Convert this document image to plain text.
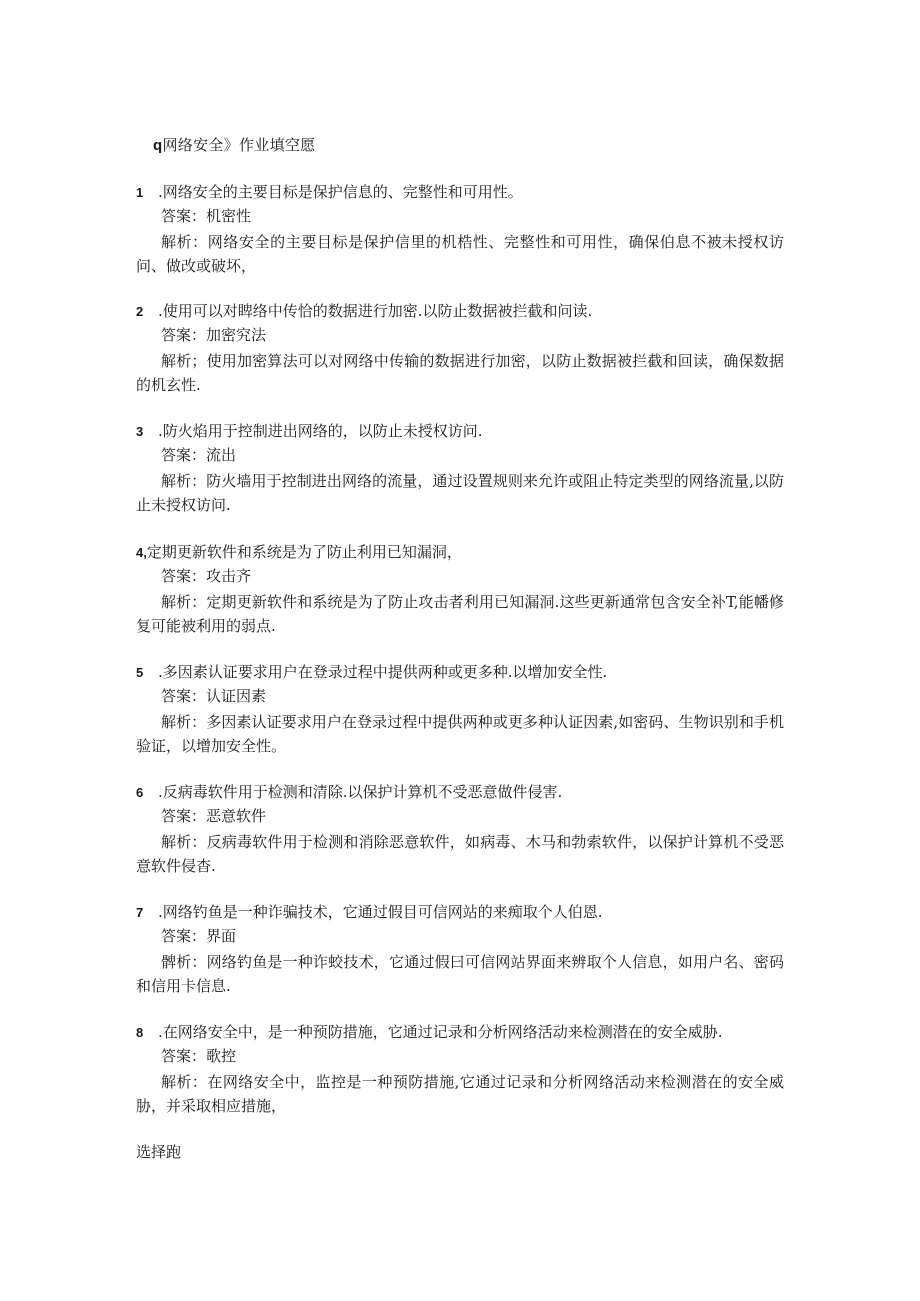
q网络安全》作业填空愿
1 .网络安全的主要目标是保护信息的、完整性和可用性。
答案：机密性
解析：网络安全的主要目标是保护信里的机梏性、完整性和可用性，确保伯息不被未授权访问、做改或破坏，
2 .使用可以对睥络中传恰的数据进行加密.以防止数据被拦截和问读.
答案：加密究法
解析；使用加密算法可以对网络中传输的数据进行加密，以防止数据被拦截和回读，确保数据的机玄性.
3 .防火焰用于控制进出网络的，以防止未授权访问.
答案：流出
解析：防火墙用于控制进出网络的流量，通过设置规则来允许或阻止特定类型的网络流量,以防止未授权访问.
4,定期更新软件和系统是为了防止利用已知漏洞，
答案：攻击齐
解析：定期更新软件和系统是为了防止攻击者利用已知漏洞.这些更新通常包含安全补T,能幡修复可能被利用的弱点.
5 .多因素认证要求用户在登录过程中提供两种或更多种.以增加安全性.
答案：认证因素
解析：多因素认证要求用户在登录过程中提供两种或更多种认证因素,如密码、生物识别和手机验证，以增加安全性。
6 .反病毒软件用于检测和清除.以保护计算机不受恶意做件侵害.
答案：恶意软件
解析：反病毒软件用于检测和消除恶意软件，如病毒、木马和勃索软件，以保护计算机不受恶意软件侵杳.
7 .网络钓鱼是一种诈骗技术，它通过假目可信网站的来痴取个人伯恩.
答案：界面
髀析：网络钓鱼是一种诈蛟技术，它通过假曰可信网站界面来辨取个人信息，如用户名、密码和信用卡信息.
8 .在网络安全中，是一种预防措施，它通过记录和分析网络活动来检测潜在的安全威胁.
答案：歌控
解析：在网络安全中，监控是一种预防措施,它通过记录和分析网络活动来检测潜在的安全威胁，并采取相应措施，
选择跑
